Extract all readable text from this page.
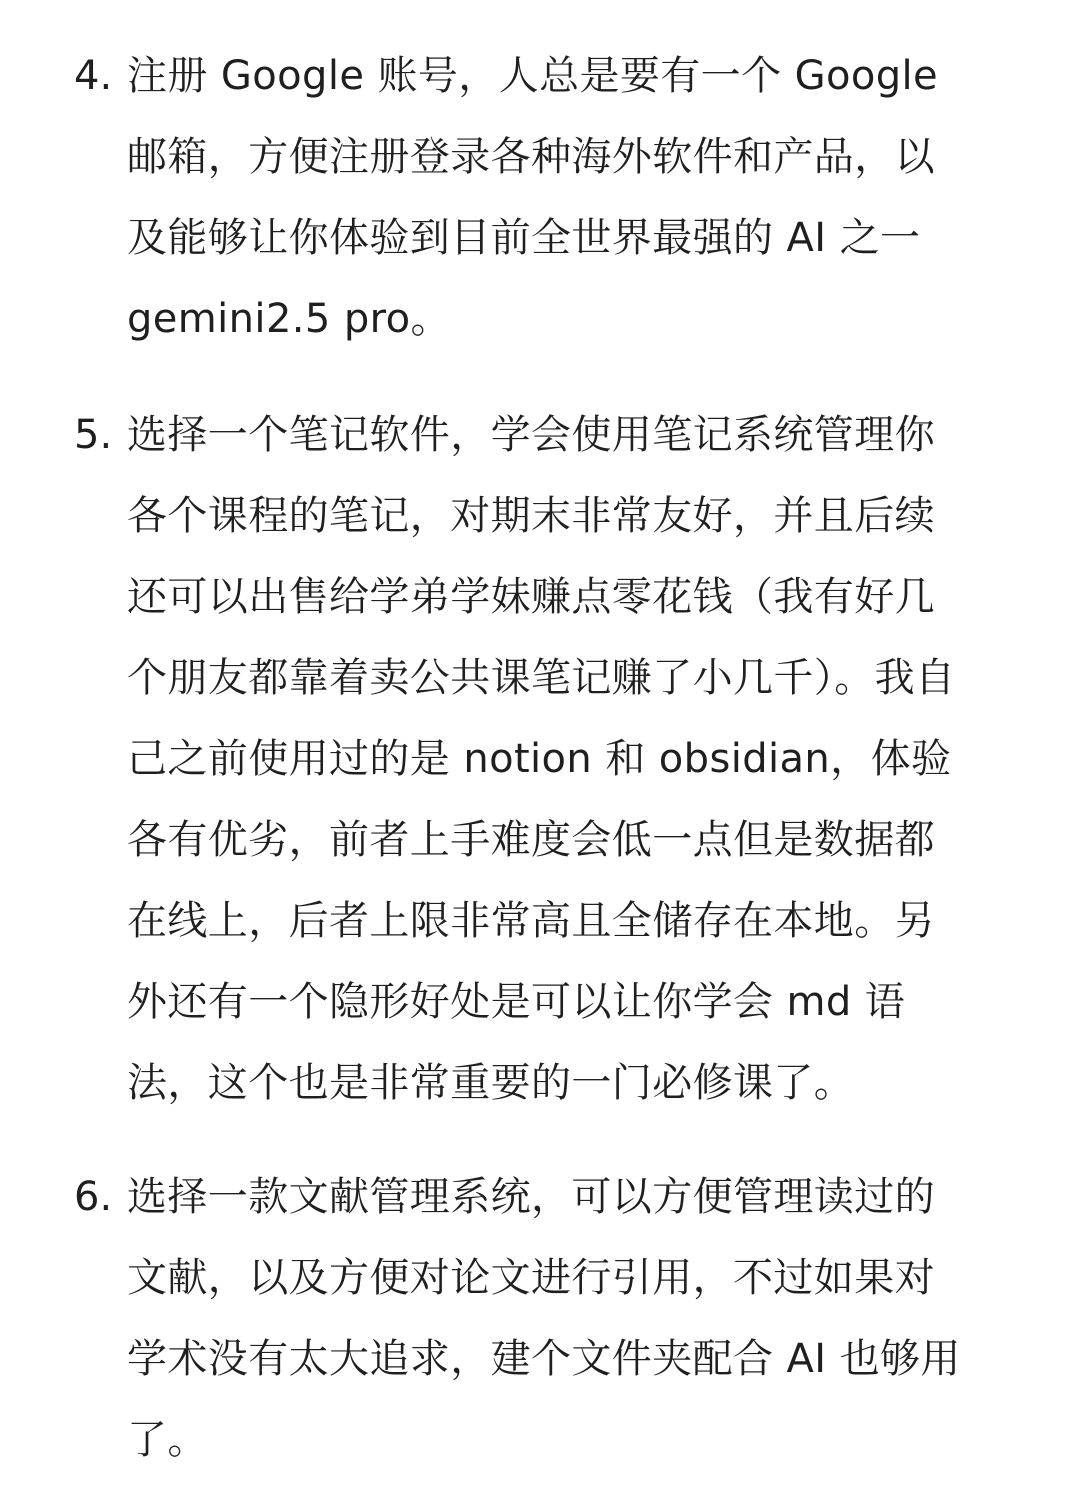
4. 注册 Google 账号，人总是要有一个 Google
邮箱，方便注册登录各种海外软件和产品，以
及能够让你体验到目前全世界最强的 AI 之一
gemini2.5 pro。
5. 选择一个笔记软件，学会使用笔记系统管理你
各个课程的笔记，对期末非常友好，并且后续
还可以出售给学弟学妹赚点零花钱（我有好几
个朋友都靠着卖公共课笔记赚了小几千）。我自
己之前使用过的是 notion 和 obsidian，体验
各有优劣，前者上手难度会低一点但是数据都
在线上，后者上限非常高且全储存在本地。另
外还有一个隐形好处是可以让你学会 md 语
法，这个也是非常重要的一门必修课了。
6. 选择一款文献管理系统，可以方便管理读过的
文献，以及方便对论文进行引用，不过如果对
学术没有太大追求，建个文件夹配合 AI 也够用
了。
